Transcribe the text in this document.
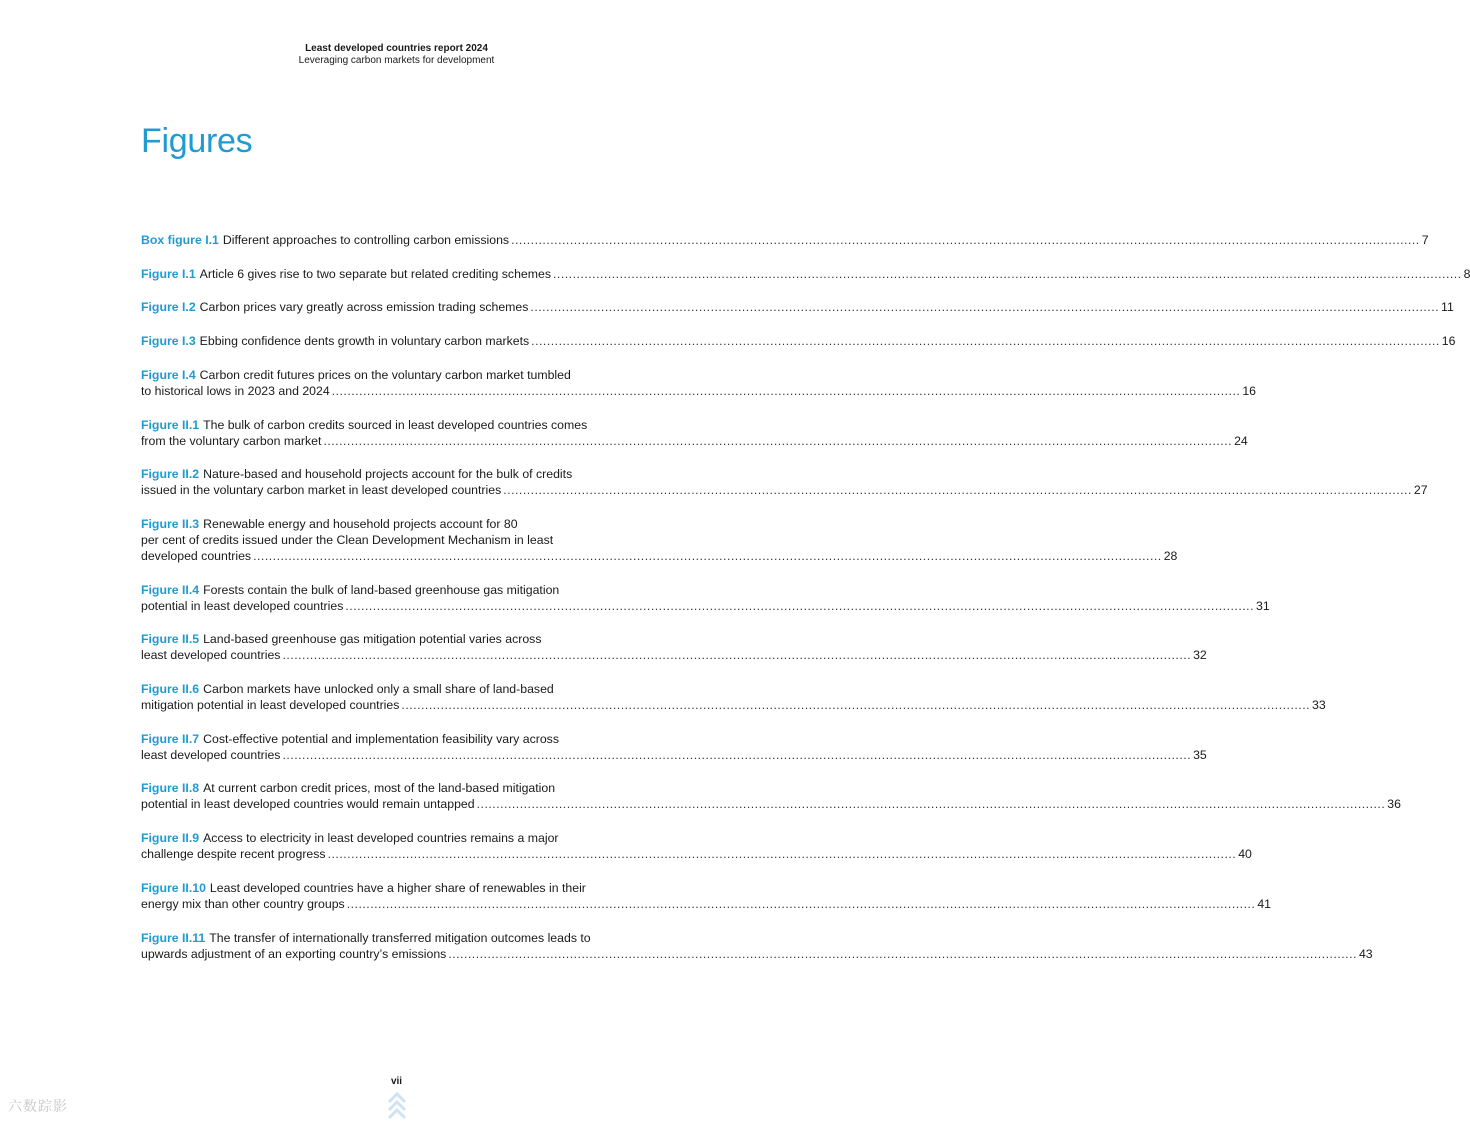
Least developed countries report 2024
Leveraging carbon markets for development
Figures
Box figure I.1 Different approaches to controlling carbon emissions .....	7
Figure I.1 Article 6 gives rise to two separate but related crediting schemes .....	8
Figure I.2 Carbon prices vary greatly across emission trading schemes .....	11
Figure I.3 Ebbing confidence dents growth in voluntary carbon markets .....	16
Figure I.4 Carbon credit futures prices on the voluntary carbon market tumbled
to historical lows in 2023 and 2024 .....	16
Figure II.1 The bulk of carbon credits sourced in least developed countries comes
from the voluntary carbon market .....	24
Figure II.2 Nature-based and household projects account for the bulk of credits
issued in the voluntary carbon market in least developed countries .....	27
Figure II.3 Renewable energy and household projects account for 80
per cent of credits issued under the Clean Development Mechanism in least
developed countries .....	28
Figure II.4 Forests contain the bulk of land-based greenhouse gas mitigation
potential in least developed countries .....	31
Figure II.5 Land-based greenhouse gas mitigation potential varies across
least developed countries .....	32
Figure II.6 Carbon markets have unlocked only a small share of land-based
mitigation potential in least developed countries .....	33
Figure II.7 Cost-effective potential and implementation feasibility vary across
least developed countries .....	35
Figure II.8 At current carbon credit prices, most of the land-based mitigation
potential in least developed countries would remain untapped .....	36
Figure II.9 Access to electricity in least developed countries remains a major
challenge despite recent progress .....	40
Figure II.10 Least developed countries have a higher share of renewables in their
energy mix than other country groups .....	41
Figure II.11 The transfer of internationally transferred mitigation outcomes leads to
upwards adjustment of an exporting country’s emissions .....	43
vii
六数踪影
